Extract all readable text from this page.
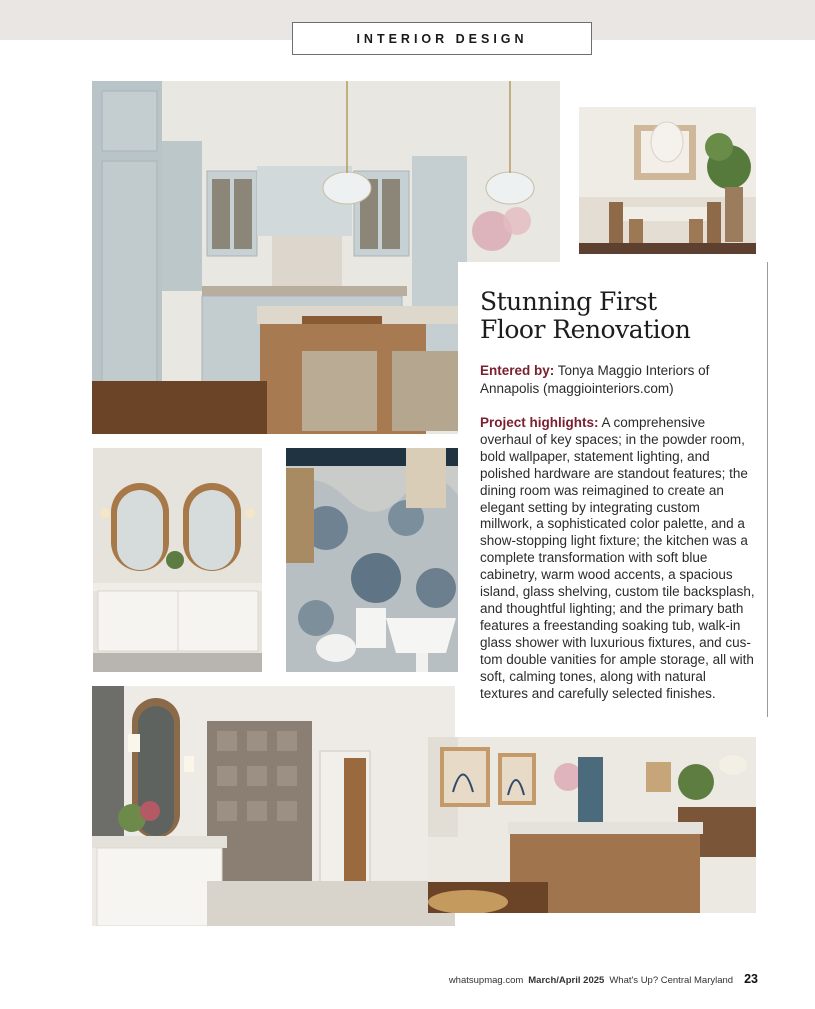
INTERIOR DESIGN
Stunning First
Floor Renovation

Entered by: Tonya Maggio Interiors of Annapolis (maggiointeriors.com)

Project highlights: A comprehensive overhaul of key spaces; in the powder room, bold wallpaper, statement lighting, and polished hardware are standout features; the dining room was reimagined to create an elegant setting by integrating custom millwork, a sophisticated color palette, and a show-stopping light fixture; the kitchen was a complete transformation with soft blue cabinetry, warm wood accents, a spacious island, glass shelving, custom tile backsplash, and thoughtful lighting; and the primary bath features a freestanding soaking tub, walk-in glass shower with luxurious fixtures, and custom double vanities for ample storage, all with soft, calming tones, along with natural textures and carefully selected finishes.

whatsupmag.com March/April 2025 What's Up? Central Maryland 23
